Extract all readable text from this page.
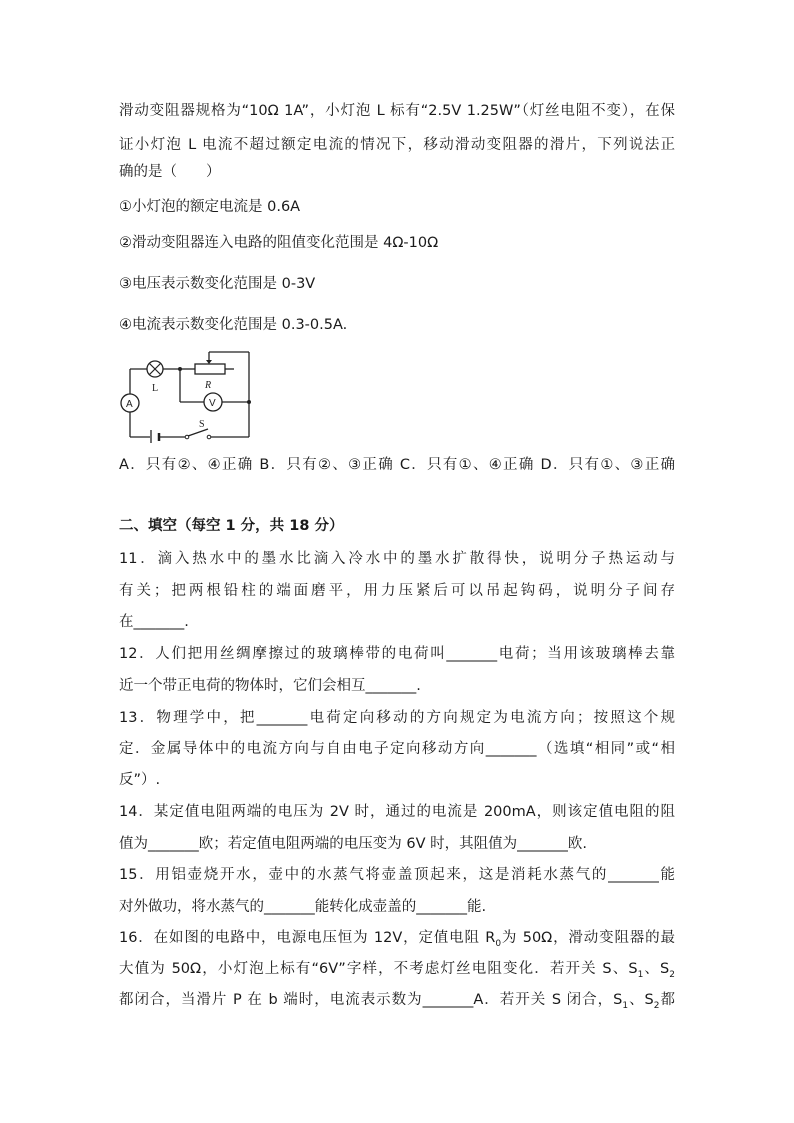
滑动变阻器规格为“10Ω 1A”，小灯泡 L 标有“2.5V 1.25W”（灯丝电阻不变），在保
证小灯泡 L 电流不超过额定电流的情况下，移动滑动变阻器的滑片，下列说法正
确的是（　　）
①小灯泡的额定电流是 0.6A
②滑动变阻器连入电路的阻值变化范围是 4Ω-10Ω
③电压表示数变化范围是 0-3V
④电流表示数变化范围是 0.3-0.5A.
L	R
V
A
S
A．只有②、④正确 B．只有②、③正确 C．只有①、④正确 D．只有①、③正确
二、填空（每空 1 分，共 18 分）
11．滴入热水中的墨水比滴入冷水中的墨水扩散得快，说明分子热运动与
有关；把两根铅柱的端面磨平，用力压紧后可以吊起钩码，说明分子间存
在_______.
12．人们把用丝绸摩擦过的玻璃棒带的电荷叫_______电荷；当用该玻璃棒去靠
近一个带正电荷的物体时，它们会相互_______.
13．物理学中，把_______电荷定向移动的方向规定为电流方向；按照这个规
定．金属导体中的电流方向与自由电子定向移动方向_______（选填“相同”或“相
反”）.
14．某定值电阻两端的电压为 2V 时，通过的电流是 200mA，则该定值电阻的阻
值为_______欧；若定值电阻两端的电压变为 6V 时，其阻值为_______欧.
15．用铝壶烧开水，壶中的水蒸气将壶盖顶起来，这是消耗水蒸气的_______能
对外做功，将水蒸气的_______能转化成壶盖的_______能.
16．在如图的电路中，电源电压恒为 12V，定值电阻 $R_0$为 50Ω，滑动变阻器的最
大值为 50Ω，小灯泡上标有“6V”字样，不考虑灯丝电阻变化．若开关 S、$S_1$、$S_2$
都闭合，当滑片 P 在 b 端时，电流表示数为_______A．若开关 S 闭合，$S_1$、$S_2$都
